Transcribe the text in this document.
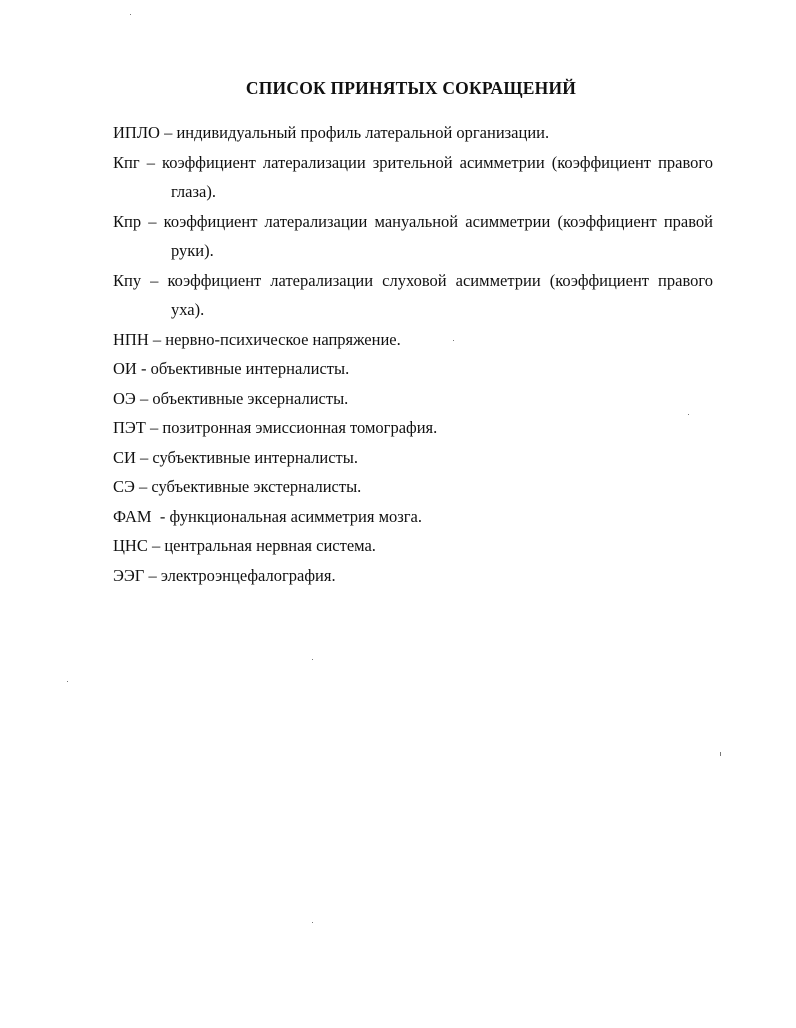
СПИСОК ПРИНЯТЫХ СОКРАЩЕНИЙ

ИПЛО – индивидуальный профиль латеральной организации.

Кпг – коэффициент латерализации зрительной асимметрии (коэффициент правого глаза).

Кпр – коэффициент латерализации мануальной асимметрии (коэффициент правой руки).

Кпу – коэффициент латерализации слуховой асимметрии (коэффициент правого уха).

НПН – нервно-психическое напряжение.

ОИ - объективные интерналисты.

ОЭ – объективные эксерналисты.

ПЭТ – позитронная эмиссионная томография.

СИ – субъективные интерналисты.

СЭ – субъективные экстерналисты.

ФАМ  - функциональная асимметрия мозга.

ЦНС – центральная нервная система.

ЭЭГ – электроэнцефалография.
